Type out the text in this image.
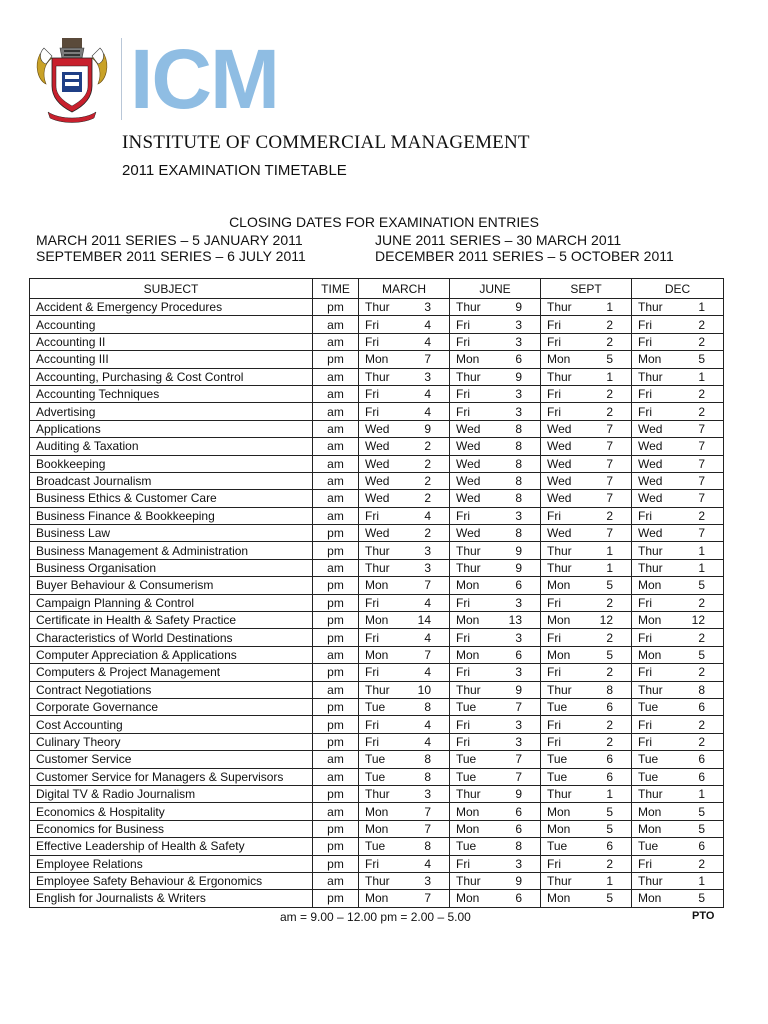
ICM
INSTITUTE OF COMMERCIAL MANAGEMENT
2011 EXAMINATION TIMETABLE
CLOSING DATES FOR EXAMINATION ENTRIES
MARCH 2011 SERIES – 5 JANUARY 2011	JUNE 2011 SERIES – 30 MARCH 2011
SEPTEMBER 2011 SERIES – 6 JULY 2011	DECEMBER 2011 SERIES – 5 OCTOBER 2011
SUBJECT	TIME	MARCH	JUNE	SEPT	DEC
Accident & Emergency Procedures	pm	Thur 3	Thur 9	Thur 1	Thur 1

Accounting	am	Fri 4	Fri 3	Fri 2	Fri 2

Accounting II	am	Fri 4	Fri 3	Fri 2	Fri 2

Accounting III	pm	Mon 7	Mon 6	Mon 5	Mon 5

Accounting, Purchasing & Cost Control	am	Thur 3	Thur 9	Thur 1	Thur 1

Accounting Techniques	am	Fri 4	Fri 3	Fri 2	Fri 2

Advertising	am	Fri 4	Fri 3	Fri 2	Fri 2

Applications	am	Wed 9	Wed 8	Wed 7	Wed 7

Auditing & Taxation	am	Wed 2	Wed 8	Wed 7	Wed 7

Bookkeeping	am	Wed 2	Wed 8	Wed 7	Wed 7

Broadcast Journalism	am	Wed 2	Wed 8	Wed 7	Wed 7

Business Ethics & Customer Care	am	Wed 2	Wed 8	Wed 7	Wed 7

Business Finance & Bookkeeping	am	Fri 4	Fri 3	Fri 2	Fri 2

Business Law	pm	Wed 2	Wed 8	Wed 7	Wed 7

Business Management & Administration	pm	Thur 3	Thur 9	Thur 1	Thur 1

Business Organisation	am	Thur 3	Thur 9	Thur 1	Thur 1

Buyer Behaviour & Consumerism	pm	Mon 7	Mon 6	Mon 5	Mon 5

Campaign Planning & Control	pm	Fri 4	Fri 3	Fri 2	Fri 2

Certificate in Health & Safety Practice	pm	Mon 14	Mon 13	Mon 12	Mon 12

Characteristics of World Destinations	pm	Fri 4	Fri 3	Fri 2	Fri 2

Computer Appreciation & Applications	am	Mon 7	Mon 6	Mon 5	Mon 5

Computers & Project Management	pm	Fri 4	Fri 3	Fri 2	Fri 2

Contract Negotiations	am	Thur 10	Thur 9	Thur 8	Thur 8

Corporate Governance	pm	Tue 8	Tue 7	Tue 6	Tue 6

Cost Accounting	pm	Fri 4	Fri 3	Fri 2	Fri 2

Culinary Theory	pm	Fri 4	Fri 3	Fri 2	Fri 2

Customer Service	am	Tue 8	Tue 7	Tue 6	Tue 6

Customer Service for Managers & Supervisors	am	Tue 8	Tue 7	Tue 6	Tue 6

Digital TV & Radio Journalism	pm	Thur 3	Thur 9	Thur 1	Thur 1

Economics & Hospitality	am	Mon 7	Mon 6	Mon 5	Mon 5

Economics for Business	pm	Mon 7	Mon 6	Mon 5	Mon 5

Effective Leadership of Health & Safety	pm	Tue 8	Tue 8	Tue 6	Tue 6

Employee Relations	pm	Fri 4	Fri 3	Fri 2	Fri 2

Employee Safety Behaviour & Ergonomics	am	Thur 3	Thur 9	Thur 1	Thur 1

English for Journalists & Writers	pm	Mon 7	Mon 6	Mon 5	Mon 5
am = 9.00 – 12.00 pm = 2.00 – 5.00	PTO
